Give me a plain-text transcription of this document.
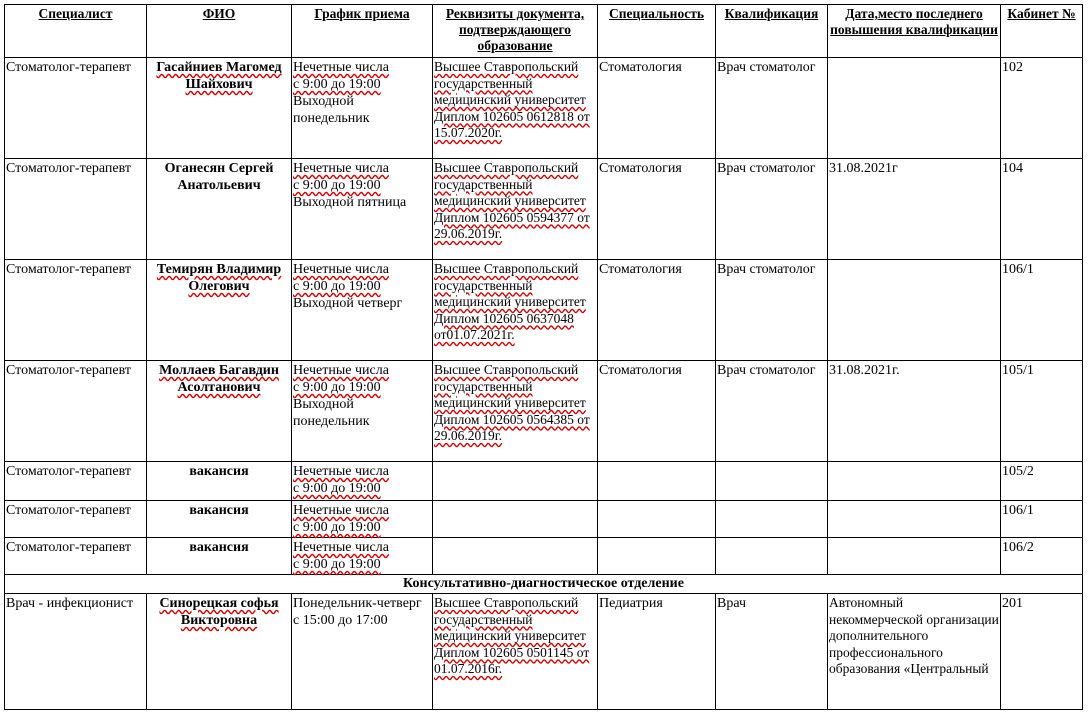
Специалист	ФИО	График приема	Реквизиты документа, подтверждающего образование	Специальность	Квалификация	Дата,место последнего повышения квалификации	Кабинет №
Стоматолог-терапевт	Гасайниев Магомед Шайхович	Нечетные числа
с 9:00 до 19:00
Выходной понедельник	Высшее Ставропольский государственный медицинский университет Диплом 102605 0612818 от 15.07.2020г.	Стоматология	Врач стоматолог		102
Стоматолог-терапевт	Оганесян Сергей Анатольевич	Нечетные числа
с 9:00 до 19:00
Выходной пятница	Высшее Ставропольский государственный медицинский университет Диплом 102605 0594377 от 29.06.2019г.	Стоматология	Врач стоматолог	31.08.2021г	104
Стоматолог-терапевт	Темирян Владимир Олегович	Нечетные числа
с 9:00 до 19:00
Выходной четверг	Высшее Ставропольский государственный медицинский университет Диплом 102605 0637048 от01.07.2021г.	Стоматология	Врач стоматолог		106/1
Стоматолог-терапевт	Моллаев Багавдин Асолтанович	Нечетные числа
с 9:00 до 19:00
Выходной понедельник	Высшее Ставропольский государственный медицинский университет Диплом 102605 0564385 от 29.06.2019г.	Стоматология	Врач стоматолог	31.08.2021г.	105/1
Стоматолог-терапевт	вакансия	Нечетные числа
с 9:00 до 19:00					105/2
Стоматолог-терапевт	вакансия	Нечетные числа
с 9:00 до 19:00					106/1
Стоматолог-терапевт	вакансия	Нечетные числа
с 9:00 до 19:00					106/2
Консультативно-диагностическое отделение							
Врач - инфекционист	Синорецкая софья Викторовна	Понедельник-четверг
с 15:00 до 17:00	Высшее Ставропольский государственный медицинский университет Диплом 102605 0501145 от 01.07.2016г.	Педиатрия	Врач	Автономный некоммерческой организации дополнительного профессионального образования «Центральный	201
